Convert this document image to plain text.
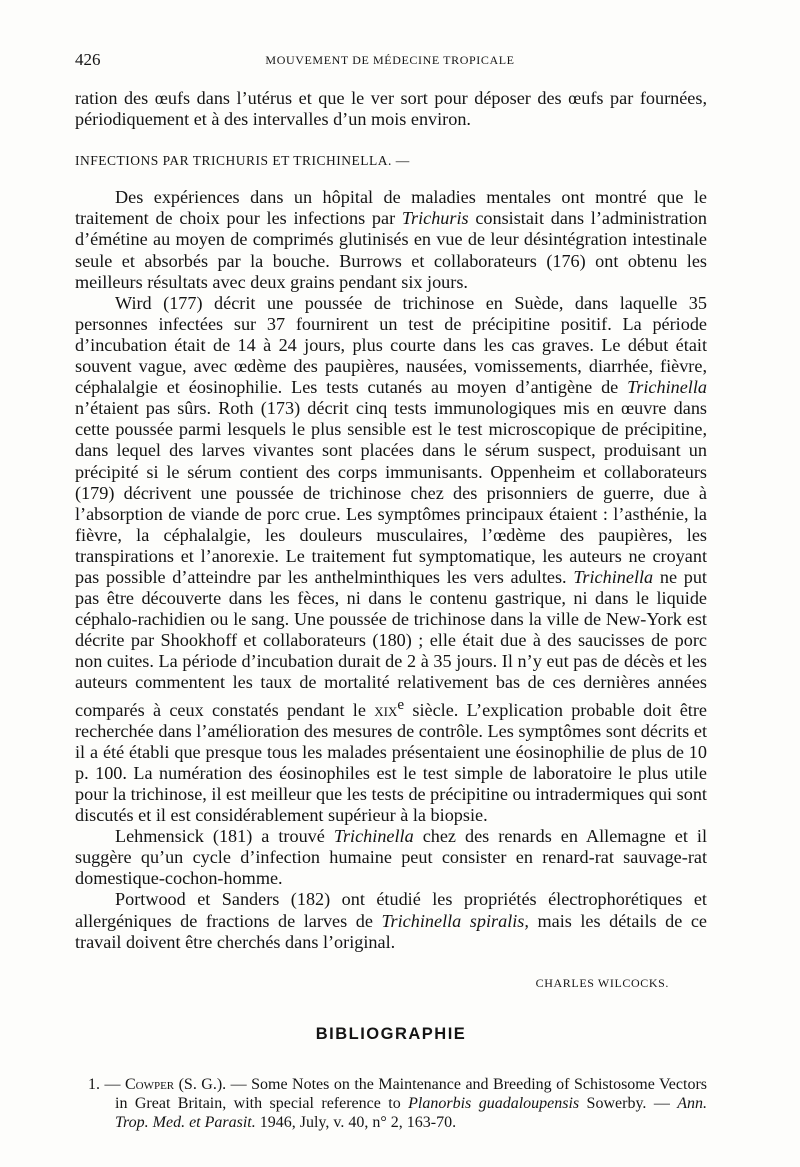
426	MOUVEMENT DE MÉDECINE TROPICALE

ration des œufs dans l’utérus et que le ver sort pour déposer des œufs par fournées, périodiquement et à des intervalles d’un mois environ.

INFECTIONS PAR TRICHURIS ET TRICHINELLA. —

Des expériences dans un hôpital de maladies mentales ont montré que le traitement de choix pour les infections par Trichuris consistait dans l’administration d’émétine au moyen de comprimés glutinisés en vue de leur désintégration intestinale seule et absorbés par la bouche. Burrows et collaborateurs (176) ont obtenu les meilleurs résultats avec deux grains pendant six jours.

Wird (177) décrit une poussée de trichinose en Suède, dans laquelle 35 personnes infectées sur 37 fournirent un test de précipitine positif. La période d’incubation était de 14 à 24 jours, plus courte dans les cas graves. Le début était souvent vague, avec œdème des paupières, nausées, vomissements, diarrhée, fièvre, céphalalgie et éosinophilie. Les tests cutanés au moyen d’antigène de Trichinella n’étaient pas sûrs. Roth (173) décrit cinq tests immunologiques mis en œuvre dans cette poussée parmi lesquels le plus sensible est le test microscopique de précipitine, dans lequel des larves vivantes sont placées dans le sérum suspect, produisant un précipité si le sérum contient des corps immunisants. Oppenheim et collaborateurs (179) décrivent une poussée de trichinose chez des prisonniers de guerre, due à l’absorption de viande de porc crue. Les symptômes principaux étaient : l’asthénie, la fièvre, la céphalalgie, les douleurs musculaires, l’œdème des paupières, les transpirations et l’anorexie. Le traitement fut symptomatique, les auteurs ne croyant pas possible d’atteindre par les anthelminthiques les vers adultes. Trichinella ne put pas être découverte dans les fèces, ni dans le contenu gastrique, ni dans le liquide céphalo-rachidien ou le sang. Une poussée de trichinose dans la ville de New-York est décrite par Shookhoff et collaborateurs (180) ; elle était due à des saucisses de porc non cuites. La période d’incubation durait de 2 à 35 jours. Il n’y eut pas de décès et les auteurs commentent les taux de mortalité relativement bas de ces dernières années comparés à ceux constatés pendant le xix$^e$ siècle. L’explication probable doit être recherchée dans l’amélioration des mesures de contrôle. Les symptômes sont décrits et il a été établi que presque tous les malades présentaient une éosinophilie de plus de 10 p. 100. La numération des éosinophiles est le test simple de laboratoire le plus utile pour la trichinose, il est meilleur que les tests de précipitine ou intradermiques qui sont discutés et il est considérablement supérieur à la biopsie.

Lehmensick (181) a trouvé Trichinella chez des renards en Allemagne et il suggère qu’un cycle d’infection humaine peut consister en renard-rat sauvage-rat domestique-cochon-homme.

Portwood et Sanders (182) ont étudié les propriétés électrophorétiques et allergéniques de fractions de larves de Trichinella spiralis, mais les détails de ce travail doivent être cherchés dans l’original.

CHARLES WILCOCKS.
BIBLIOGRAPHIE

1. — Cowper (S. G.). — Some Notes on the Maintenance and Breeding of Schistosome Vectors in Great Britain, with special reference to Planorbis guadaloupensis Sowerby. — Ann. Trop. Med. et Parasit. 1946, July, v. 40, n° 2, 163-70.
